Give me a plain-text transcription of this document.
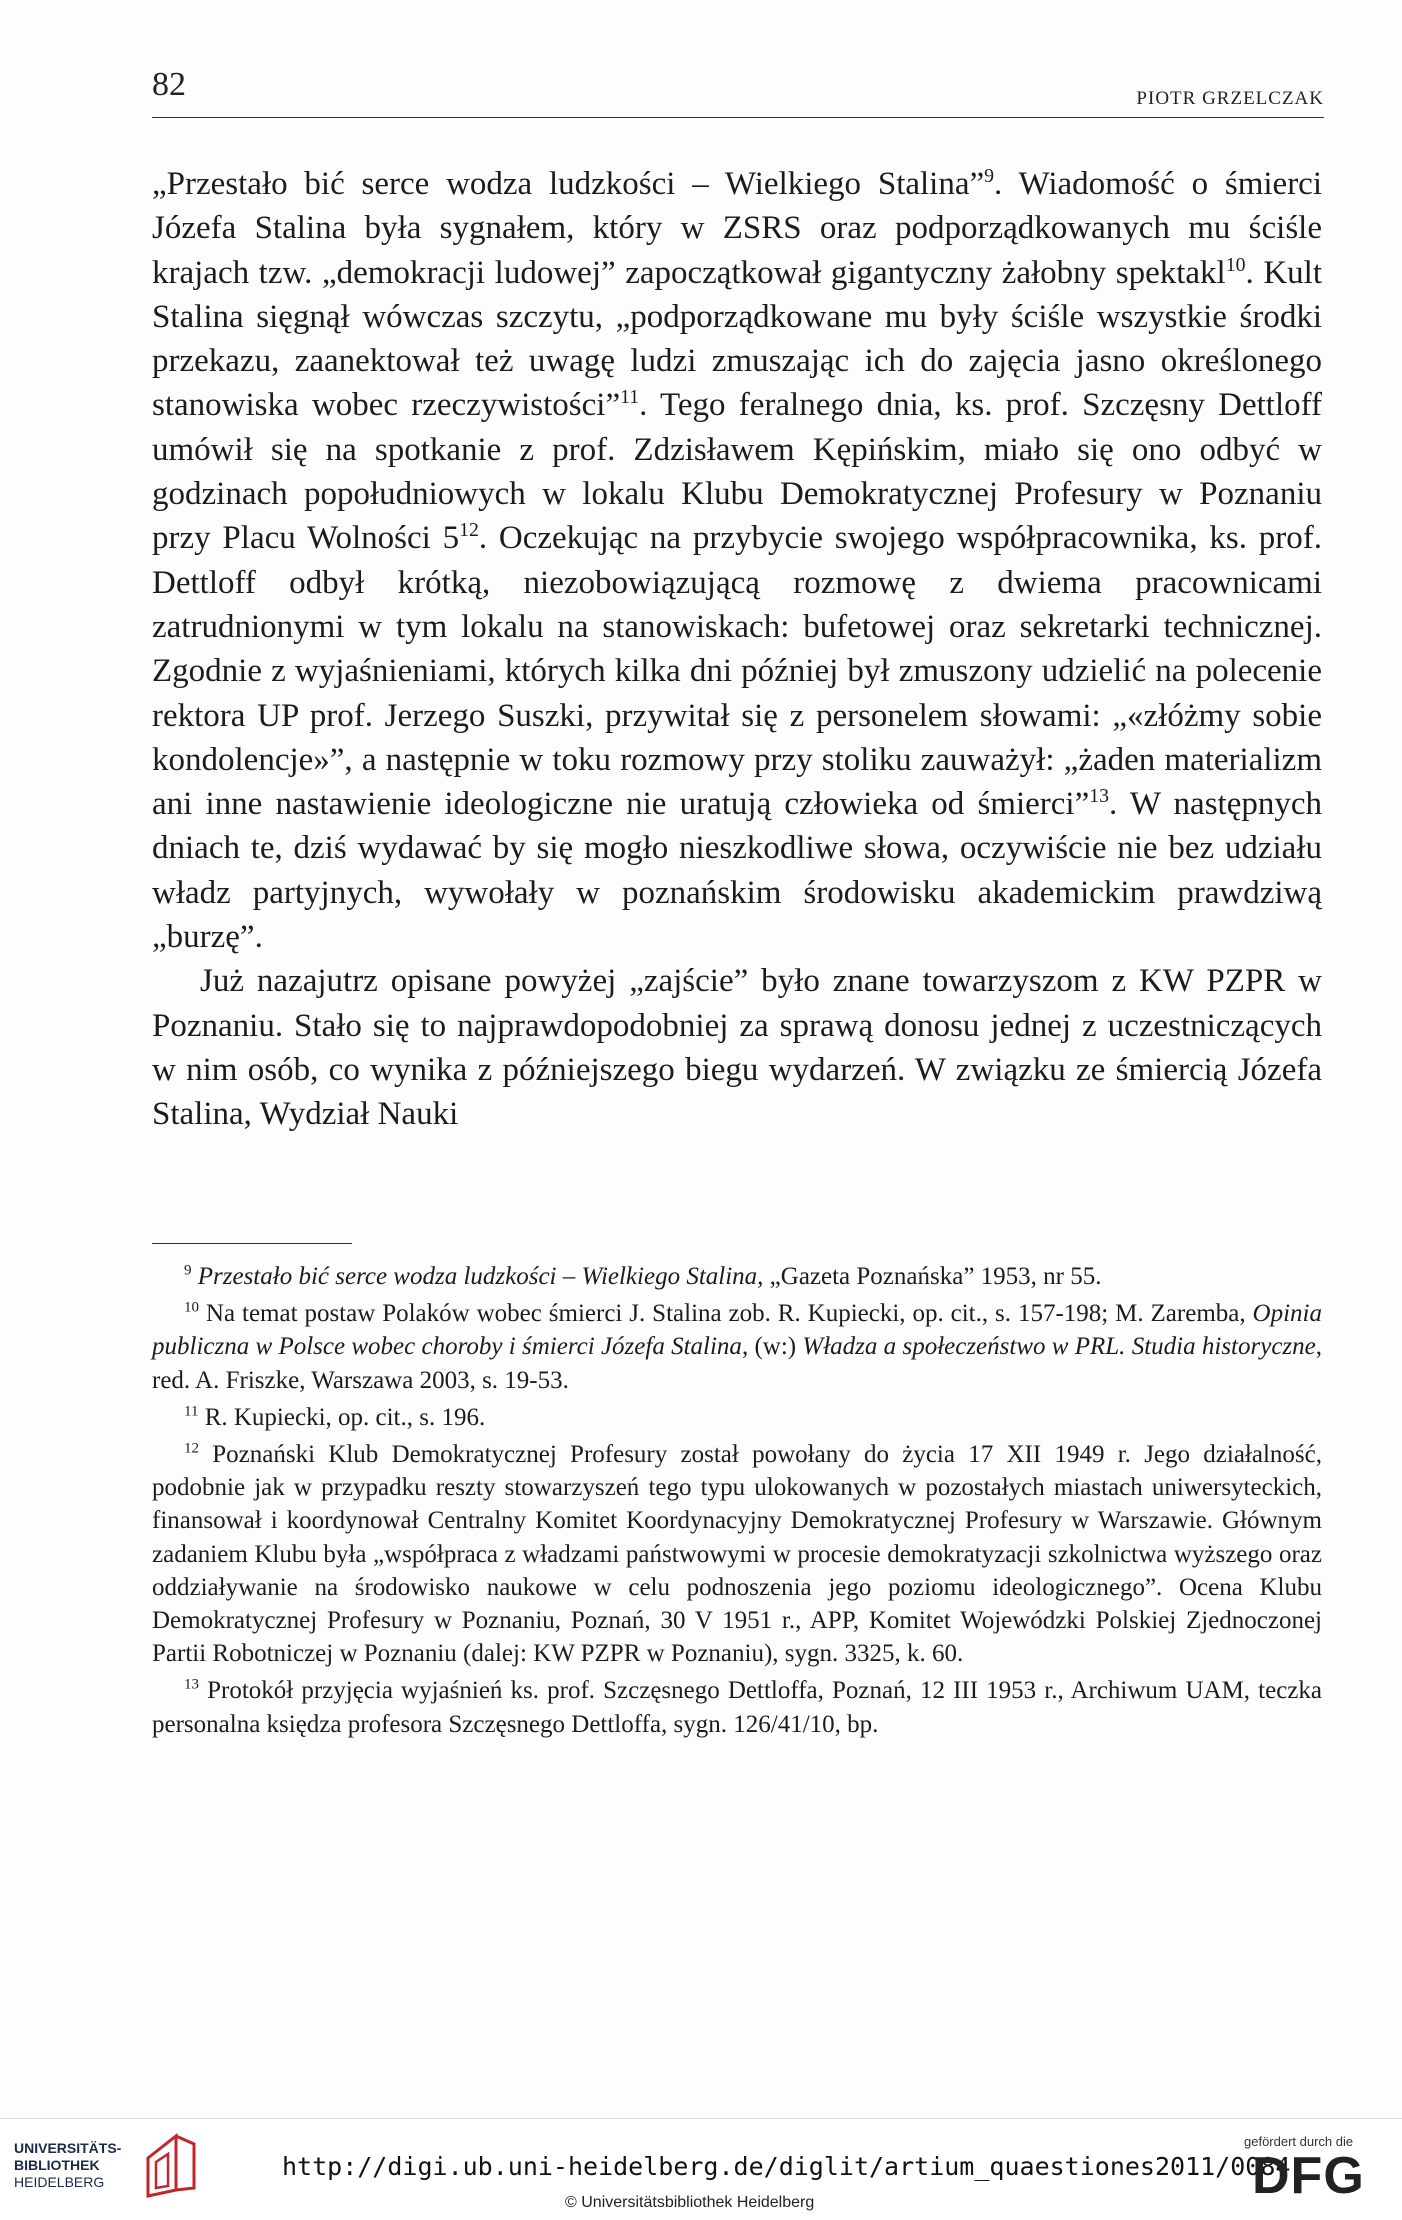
82	PIOTR GRZELCZAK

„Przestało bić serce wodza ludzkości – Wielkiego Stalina”$^9$. Wiadomość o śmierci Józefa Stalina była sygnałem, który w ZSRS oraz podporządkowanych mu ściśle krajach tzw. „demokracji ludowej” zapoczątkował gigantyczny żałobny spektakl$^{10}$. Kult Stalina sięgnął wówczas szczytu, „podporządkowane mu były ściśle wszystkie środki przekazu, zaanektował też uwagę ludzi zmuszając ich do zajęcia jasno określonego stanowiska wobec rzeczywistości”$^{11}$. Tego feralnego dnia, ks. prof. Szczęsny Dettloff umówił się na spotkanie z prof. Zdzisławem Kępińskim, miało się ono odbyć w godzinach popołudniowych w lokalu Klubu Demokratycznej Profesury w Poznaniu przy Placu Wolności $5^{12}$. Oczekując na przybycie swojego współpracownika, ks. prof. Dettloff odbył krótką, niezobowiązującą rozmowę z dwiema pracownicami zatrudnionymi w tym lokalu na stanowiskach: bufetowej oraz sekretarki technicznej. Zgodnie z wyjaśnieniami, których kilka dni później był zmuszony udzielić na polecenie rektora UP prof. Jerzego Suszki, przywitał się z personelem słowami: „«złóżmy sobie kondolencje»”, a następnie w toku rozmowy przy stoliku zauważył: „żaden materializm ani inne nastawienie ideologiczne nie uratują człowieka od śmierci”$^{13}$. W następnych dniach te, dziś wydawać by się mogło nieszkodliwe słowa, oczywiście nie bez udziału władz partyjnych, wywołały w poznańskim środowisku akademickim prawdziwą „burzę”.

Już nazajutrz opisane powyżej „zajście” było znane towarzyszom z KW PZPR w Poznaniu. Stało się to najprawdopodobniej za sprawą donosu jednej z uczestniczących w nim osób, co wynika z późniejszego biegu wydarzeń. W związku ze śmiercią Józefa Stalina, Wydział Nauki

$^9$ Przestało bić serce wodza ludzkości – Wielkiego Stalina, „Gazeta Poznańska” 1953, nr 55.

$^{10}$ Na temat postaw Polaków wobec śmierci J. Stalina zob. R. Kupiecki, op. cit., s. 157-198; M. Zaremba, Opinia publiczna w Polsce wobec choroby i śmierci Józefa Stalina, (w:) Władza a społeczeństwo w PRL. Studia historyczne, red. A. Friszke, Warszawa 2003, s. 19-53.

$^{11}$ R. Kupiecki, op. cit., s. 196.

$^{12}$ Poznański Klub Demokratycznej Profesury został powołany do życia 17 XII 1949 r. Jego działalność, podobnie jak w przypadku reszty stowarzyszeń tego typu ulokowanych w pozostałych miastach uniwersyteckich, finansował i koordynował Centralny Komitet Koordynacyjny Demokratycznej Profesury w Warszawie. Głównym zadaniem Klubu była „współpraca z władzami państwowymi w procesie demokratyzacji szkolnictwa wyższego oraz oddziaływanie na środowisko naukowe w celu podnoszenia jego poziomu ideologicznego”. Ocena Klubu Demokratycznej Profesury w Poznaniu, Poznań, 30 V 1951 r., APP, Komitet Wojewódzki Polskiej Zjednoczonej Partii Robotniczej w Poznaniu (dalej: KW PZPR w Poznaniu), sygn. 3325, k. 60.

$^{13}$ Protokół przyjęcia wyjaśnień ks. prof. Szczęsnego Dettloffa, Poznań, 12 III 1953 r., Archiwum UAM, teczka personalna księdza profesora Szczęsnego Dettloffa, sygn. 126/41/10, bp.

UNIVERSITÄTS-
BIBLIOTHEK
HEIDELBERG
http://digi.ub.uni-heidelberg.de/diglit/artium_quaestiones2011/0084
© Universitätsbibliothek Heidelberg
gefördert durch die
DFG
